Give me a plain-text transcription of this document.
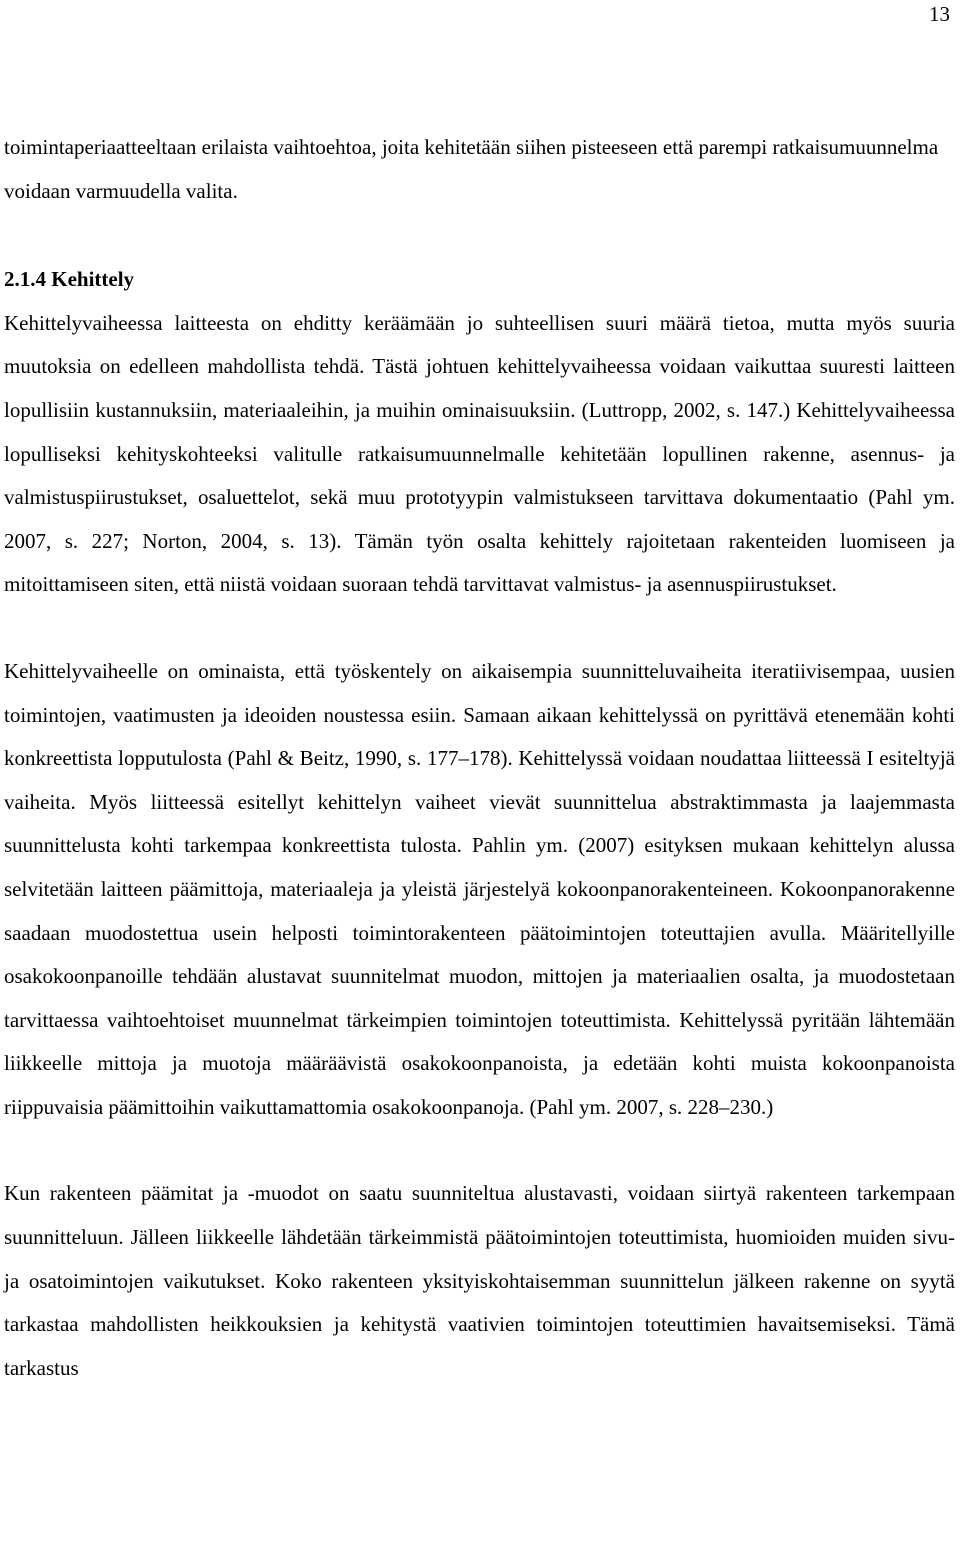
13

toimintaperiaatteeltaan erilaista vaihtoehtoa, joita kehitetään siihen pisteeseen että parempi ratkaisumuunnelma voidaan varmuudella valita.

2.1.4 Kehittely

Kehittelyvaiheessa laitteesta on ehditty keräämään jo suhteellisen suuri määrä tietoa, mutta myös suuria muutoksia on edelleen mahdollista tehdä. Tästä johtuen kehittelyvaiheessa voidaan vaikuttaa suuresti laitteen lopullisiin kustannuksiin, materiaaleihin, ja muihin ominaisuuksiin. (Luttropp, 2002, s. 147.) Kehittelyvaiheessa lopulliseksi kehityskohteeksi valitulle ratkaisumuunnelmalle kehitetään lopullinen rakenne, asennus- ja valmistuspiirustukset, osaluettelot, sekä muu prototyypin valmistukseen tarvittava dokumentaatio (Pahl ym. 2007, s. 227; Norton, 2004, s. 13). Tämän työn osalta kehittely rajoitetaan rakenteiden luomiseen ja mitoittamiseen siten, että niistä voidaan suoraan tehdä tarvittavat valmistus- ja asennuspiirustukset.

Kehittelyvaiheelle on ominaista, että työskentely on aikaisempia suunnitteluvaiheita iteratiivisempaa, uusien toimintojen, vaatimusten ja ideoiden noustessa esiin. Samaan aikaan kehittelyssä on pyrittävä etenemään kohti konkreettista lopputulosta (Pahl & Beitz, 1990, s. 177–178). Kehittelyssä voidaan noudattaa liitteessä I esiteltyjä vaiheita. Myös liitteessä esitellyt kehittelyn vaiheet vievät suunnittelua abstraktimmasta ja laajemmasta suunnittelusta kohti tarkempaa konkreettista tulosta. Pahlin ym. (2007) esityksen mukaan kehittelyn alussa selvitetään laitteen päämittoja, materiaaleja ja yleistä järjestelyä kokoonpanorakenteineen. Kokoonpanorakenne saadaan muodostettua usein helposti toimintorakenteen päätoimintojen toteuttajien avulla. Määritellyille osakokoonpanoille tehdään alustavat suunnitelmat muodon, mittojen ja materiaalien osalta, ja muodostetaan tarvittaessa vaihtoehtoiset muunnelmat tärkeimpien toimintojen toteuttimista. Kehittelyssä pyritään lähtemään liikkeelle mittoja ja muotoja määräävistä osakokoonpanoista, ja edetään kohti muista kokoonpanoista riippuvaisia päämittoihin vaikuttamattomia osakokoonpanoja. (Pahl ym. 2007, s. 228–230.)

Kun rakenteen päämitat ja -muodot on saatu suunniteltua alustavasti, voidaan siirtyä rakenteen tarkempaan suunnitteluun. Jälleen liikkeelle lähdetään tärkeimmistä päätoimintojen toteuttimista, huomioiden muiden sivu- ja osatoimintojen vaikutukset. Koko rakenteen yksityiskohtaisemman suunnittelun jälkeen rakenne on syytä tarkastaa mahdollisten heikkouksien ja kehitystä vaativien toimintojen toteuttimien havaitsemiseksi. Tämä tarkastus
